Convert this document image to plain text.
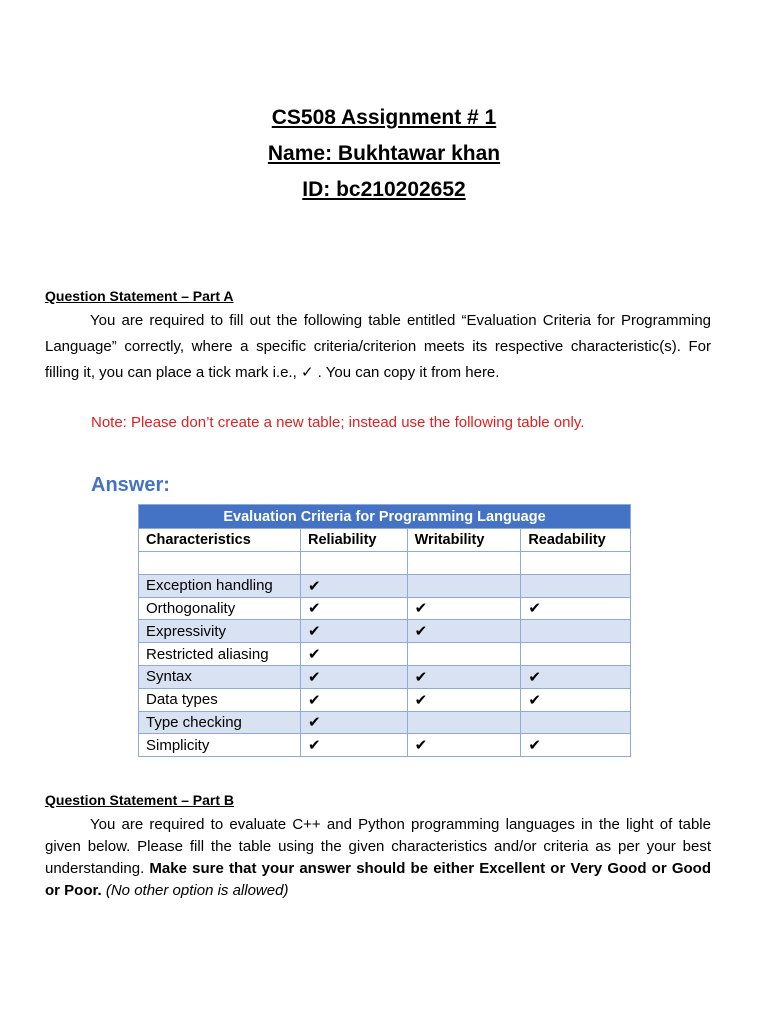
CS508 Assignment # 1
Name: Bukhtawar khan
ID: bc210202652
Question Statement – Part A
You are required to fill out the following table entitled “Evaluation Criteria for Programming Language” correctly, where a specific criteria/criterion meets its respective characteristic(s). For filling it, you can place a tick mark i.e., ✓ . You can copy it from here.
Note: Please don’t create a new table; instead use the following table only.
Answer:
Evaluation Criteria for Programming Language			
Characteristics	Reliability	Writability	Readability

Exception handling	✔		
Orthogonality	✔	✔	✔
Expressivity	✔	✔	
Restricted aliasing	✔		
Syntax	✔	✔	✔
Data types	✔	✔	✔
Type checking	✔		
Simplicity	✔	✔	✔
Question Statement – Part B
You are required to evaluate C++ and Python programming languages in the light of table given below. Please fill the table using the given characteristics and/or criteria as per your best understanding. Make sure that your answer should be either Excellent or Very Good or Good or Poor. (No other option is allowed)
